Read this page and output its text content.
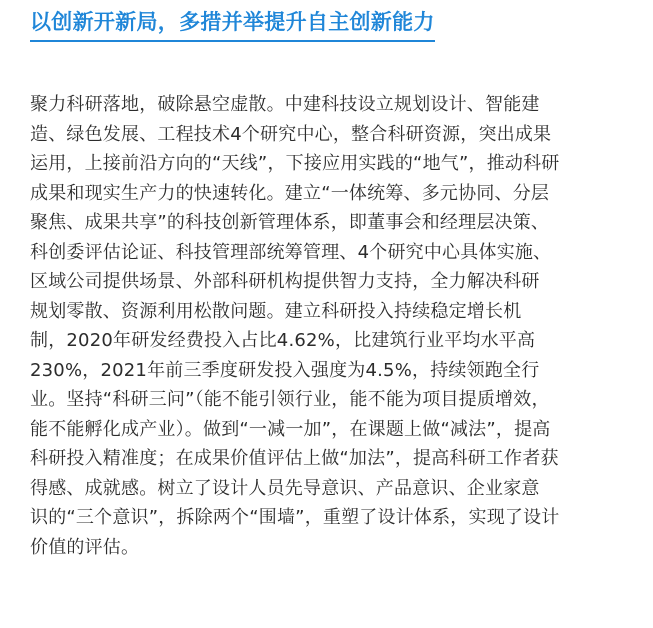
以创新开新局，多措并举提升自主创新能力
聚力科研落地，破除悬空虚散。中建科技设立规划设计、智能建
造、绿色发展、工程技术4个研究中心，整合科研资源，突出成果
运用，上接前沿方向的“天线”，下接应用实践的“地气”，推动科研
成果和现实生产力的快速转化。建立“一体统筹、多元协同、分层
聚焦、成果共享”的科技创新管理体系，即董事会和经理层决策、
科创委评估论证、科技管理部统筹管理、4个研究中心具体实施、
区域公司提供场景、外部科研机构提供智力支持，全力解决科研
规划零散、资源利用松散问题。建立科研投入持续稳定增长机
制，2020年研发经费投入占比4.62%，比建筑行业平均水平高
230%，2021年前三季度研发投入强度为4.5%，持续领跑全行
业。坚持“科研三问”（能不能引领行业，能不能为项目提质增效，
能不能孵化成产业）。做到“一减一加”，在课题上做“减法”，提高
科研投入精准度；在成果价值评估上做“加法”，提高科研工作者获
得感、成就感。树立了设计人员先导意识、产品意识、企业家意
识的“三个意识”，拆除两个“围墙”，重塑了设计体系，实现了设计
价值的评估。
